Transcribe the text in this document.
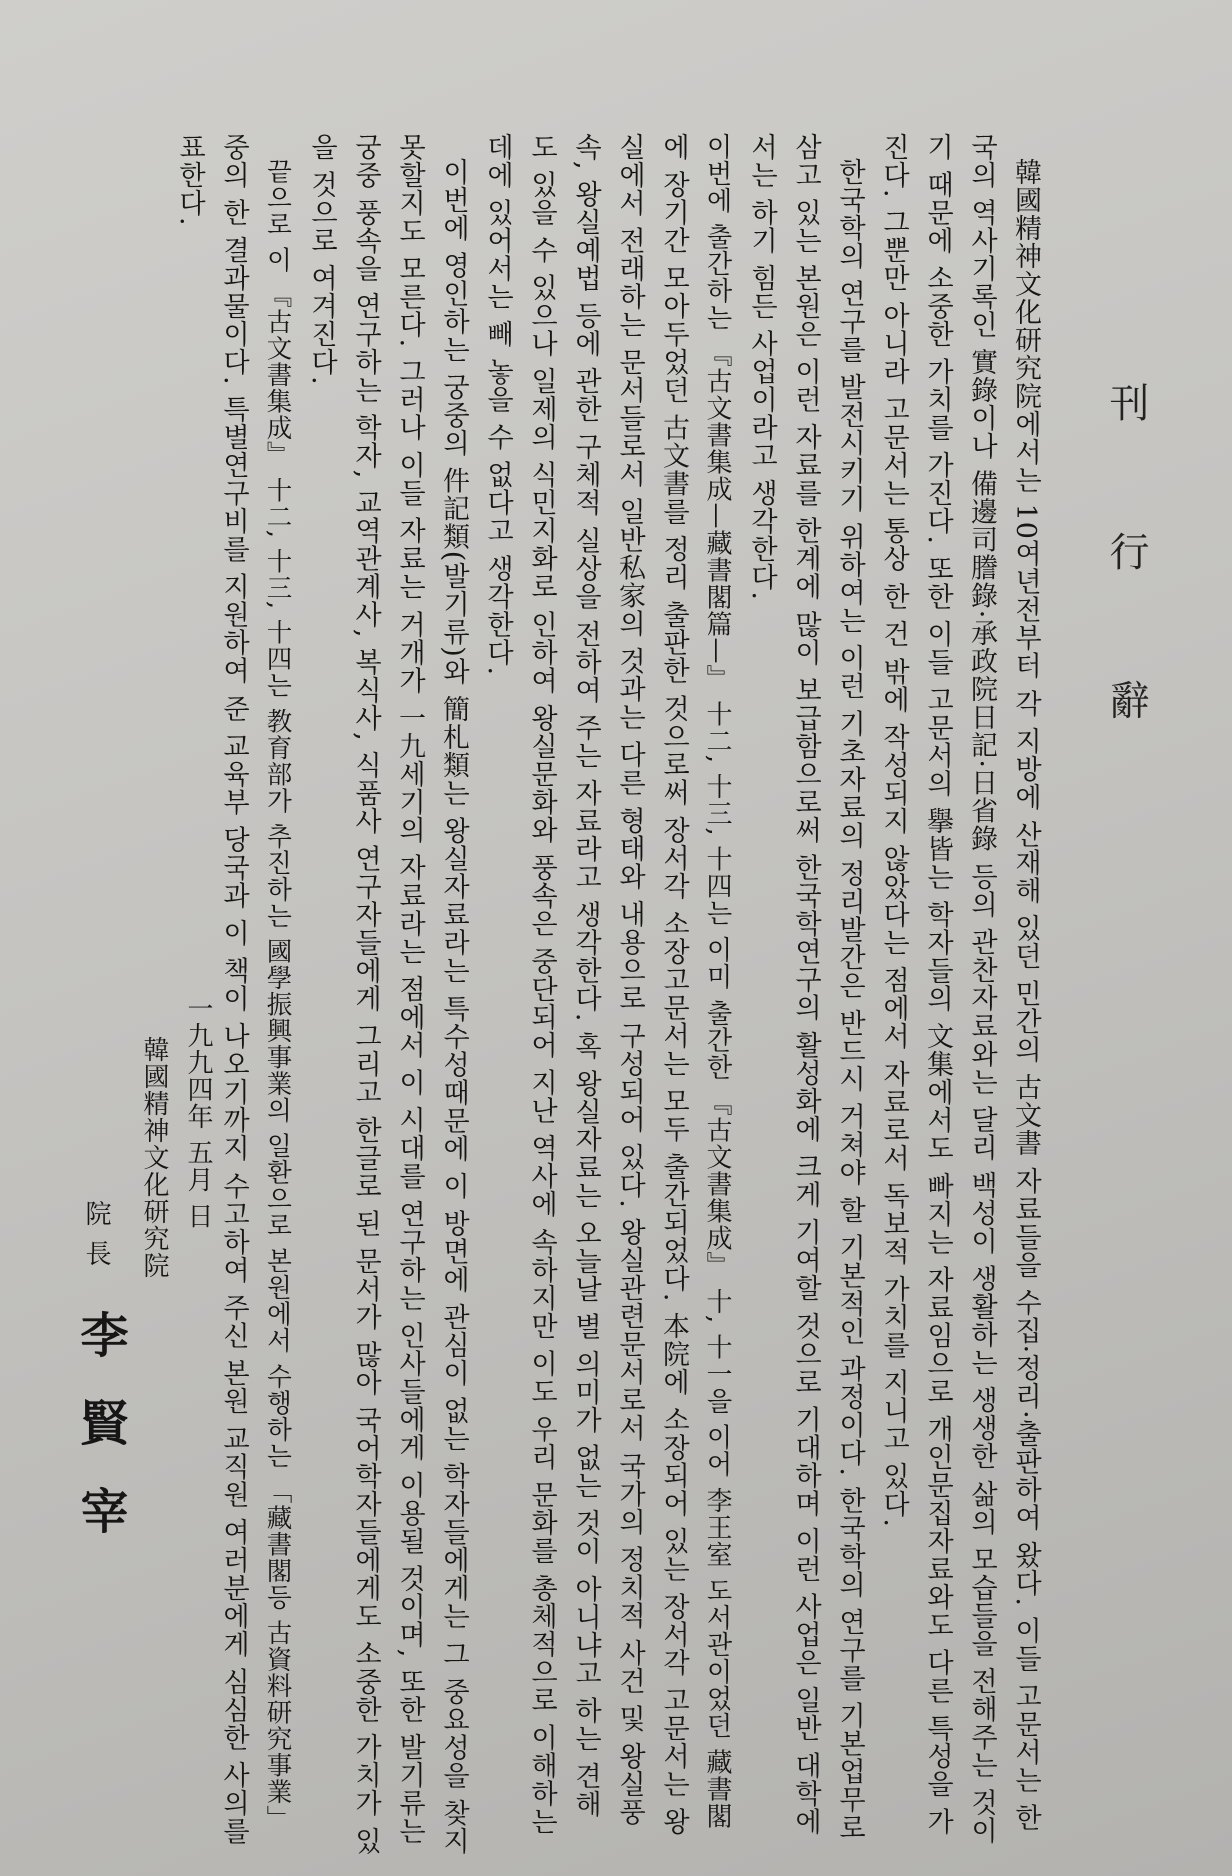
刊 行 辭
韓國精神文化研究院에서는 10여년전부터 각 지방에 산재해 있던 민간의 古文書 자료들을 수집·정리·출판하여 왔다. 이들 고문서는 한
국의 역사기록인 實錄이나 備邊司謄錄·承政院日記·日省錄 등의 관찬자료와는 달리 백성이 생활하는 생생한 삶의 모습들을 전해주는 것이
기 때문에 소중한 가치를 가진다. 또한 이들 고문서의 擧皆는 학자들의 文集에서도 빠지는 자료임으로 개인문집자료와도 다른 특성을 가
진다. 그뿐만 아니라 고문서는 통상 한 건 밖에 작성되지 않았다는 점에서 자료로서 독보적 가치를 지니고 있다.
한국학의 연구를 발전시키기 위하여는 이런 기초자료의 정리발간은 반드시 거쳐야 할 기본적인 과정이다. 한국학의 연구를 기본업무로
삼고 있는 본원은 이런 자료를 한계에 많이 보급함으로써 한국학연구의 활성화에 크게 기여할 것으로 기대하며 이런 사업은 일반 대학에
서는 하기 힘든 사업이라고 생각한다.
이번에 출간하는 『古文書集成—藏書閣篇—』 十二, 十三, 十四는 이미 출간한 『古文書集成』 十, 十一을 이어 李王室 도서관이었던 藏書閣
에 장기간 모아두었던 古文書를 정리 출판한 것으로써 장서각 소장고문서는 모두 출간되었다. 本院에 소장되어 있는 장서각 고문서는 왕
실에서 전래하는 문서들로서 일반私家의 것과는 다른 형태와 내용으로 구성되어 있다. 왕실관련문서로서 국가의 정치적 사건 및 왕실풍
속, 왕실예법 등에 관한 구체적 실상을 전하여 주는 자료라고 생각한다. 혹 왕실자료는 오늘날 별 의미가 없는 것이 아니냐고 하는 견해
도 있을 수 있으나 일제의 식민지화로 인하여 왕실문화와 풍속은 중단되어 지난 역사에 속하지만 이도 우리 문화를 총체적으로 이해하는
데에 있어서는 빼 놓을 수 없다고 생각한다.
이번에 영인하는 궁중의 件記類(발기류)와 簡札類는 왕실자료라는 특수성때문에 이 방면에 관심이 없는 학자들에게는 그 중요성을 찾지
못할지도 모른다. 그러나 이들 자료는 거개가 一九세기의 자료라는 점에서 이 시대를 연구하는 인사들에게 이용될 것이며, 또한 발기류는
궁중 풍속을 연구하는 학자, 교역관계사, 복식사, 식품사 연구자들에게 그리고 한글로 된 문서가 많아 국어학자들에게도 소중한 가치가 있
을 것으로 여겨진다.
끝으로 이 『古文書集成』 十二, 十三, 十四는 教育部가 추진하는 國學振興事業의 일환으로 본원에서 수행하는 「藏書閣등 古資料研究事業」
중의 한 결과물이다. 특별연구비를 지원하여 준 교육부 당국과 이 책이 나오기까지 수고하여 주신 본원 교직원 여러분에게 심심한 사의를
표한다.
一九九四年 五月 日
韓國精神文化研究院
院長
李賢宰
